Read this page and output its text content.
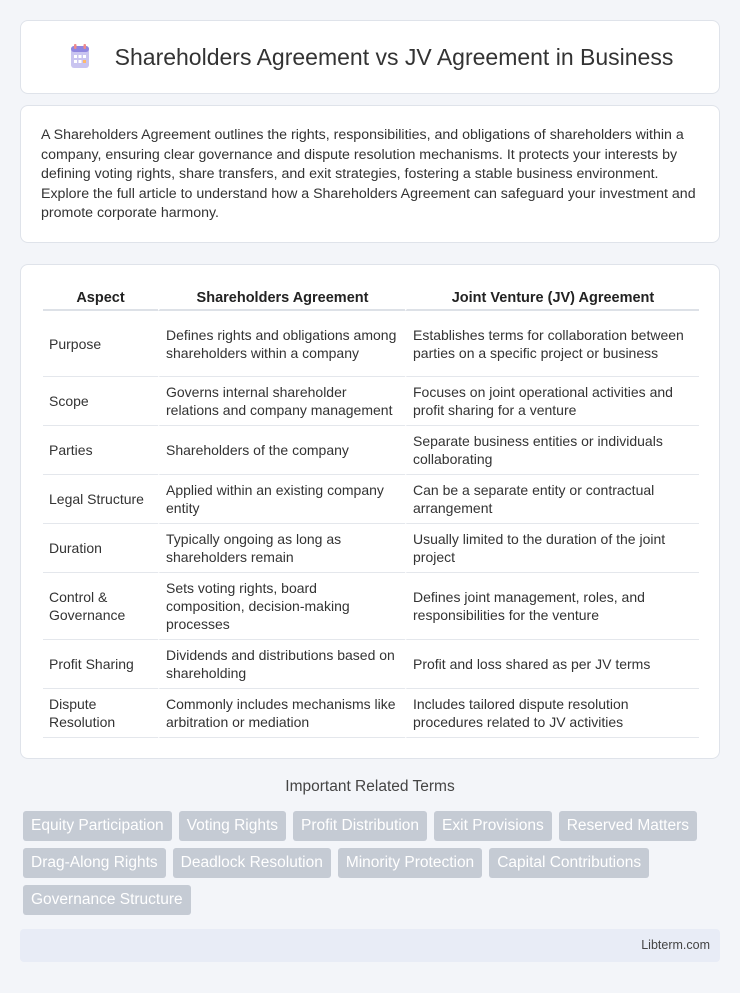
Shareholders Agreement vs JV Agreement in Business

A Shareholders Agreement outlines the rights, responsibilities, and obligations of shareholders within a company, ensuring clear governance and dispute resolution mechanisms. It protects your interests by defining voting rights, share transfers, and exit strategies, fostering a stable business environment. Explore the full article to understand how a Shareholders Agreement can safeguard your investment and promote corporate harmony.

Aspect	Shareholders Agreement	Joint Venture (JV) Agreement
Purpose	Defines rights and obligations among shareholders within a company	Establishes terms for collaboration between parties on a specific project or business
Scope	Governs internal shareholder relations and company management	Focuses on joint operational activities and profit sharing for a venture
Parties	Shareholders of the company	Separate business entities or individuals collaborating
Legal Structure	Applied within an existing company entity	Can be a separate entity or contractual arrangement
Duration	Typically ongoing as long as shareholders remain	Usually limited to the duration of the joint project
Control & Governance	Sets voting rights, board composition, decision-making processes	Defines joint management, roles, and responsibilities for the venture
Profit Sharing	Dividends and distributions based on shareholding	Profit and loss shared as per JV terms
Dispute Resolution	Commonly includes mechanisms like arbitration or mediation	Includes tailored dispute resolution procedures related to JV activities
Important Related Terms
Equity Participation	Voting Rights	Profit Distribution	Exit Provisions	Reserved Matters
Drag-Along Rights	Deadlock Resolution	Minority Protection	Capital Contributions
Governance Structure
Libterm.com
